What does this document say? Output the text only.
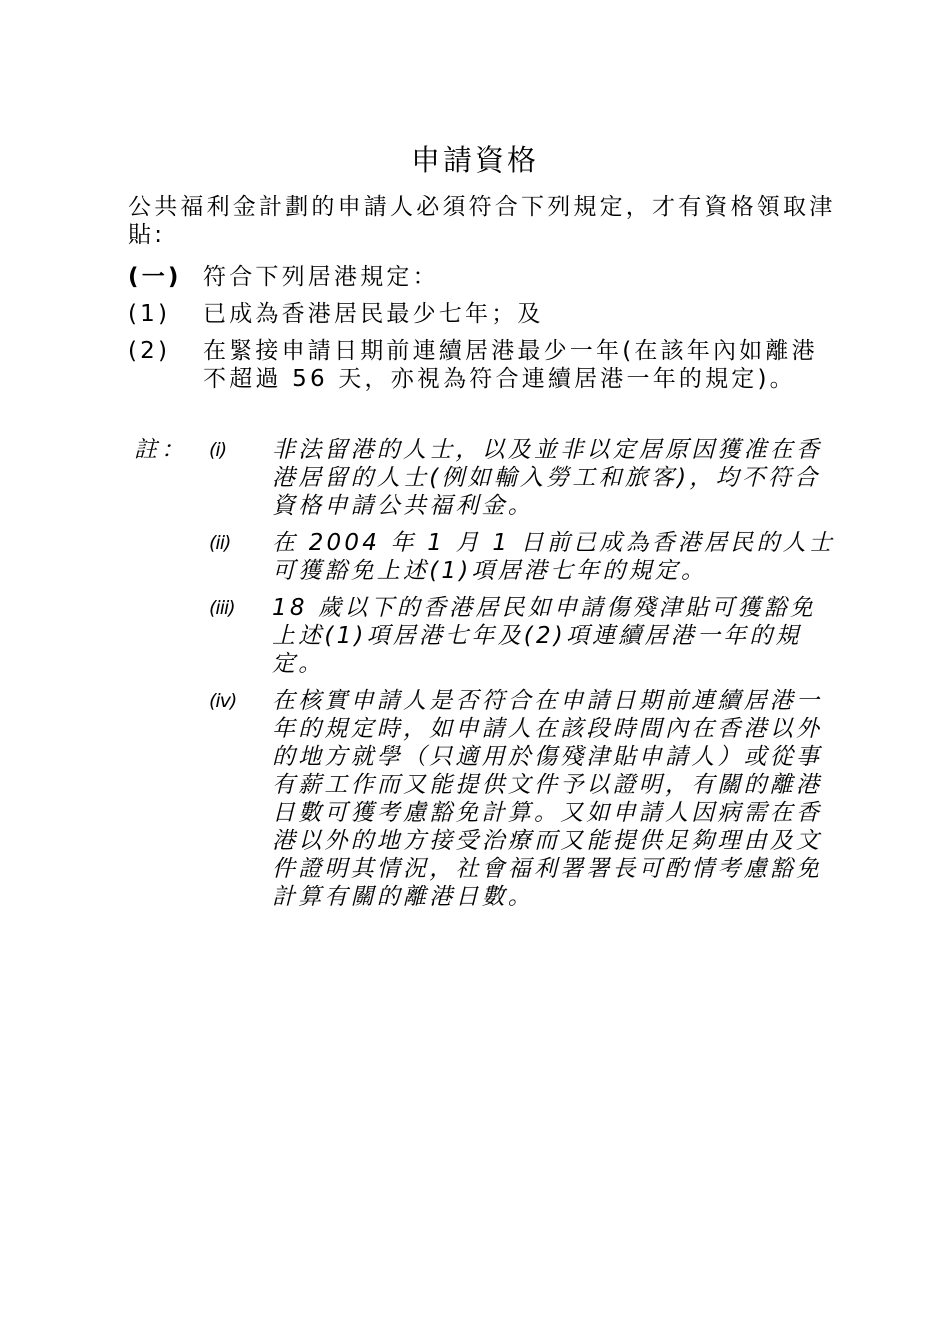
申請資格
公共福利金計劃的申請人必須符合下列規定，才有資格領取津貼:
(一) 符合下列居港規定：
(1) 已成為香港居民最少七年；及
(2) 在緊接申請日期前連續居港最少一年(在該年內如離港不超過 56 天，亦視為符合連續居港一年的規定)。
註： (i) 非法留港的人士，以及並非以定居原因獲准在香港居留的人士(例如輸入勞工和旅客)，均不符合資格申請公共福利金。
(ii) 在 2004 年 1 月 1 日前已成為香港居民的人士可獲豁免上述(1)項居港七年的規定。
(iii) 18 歲以下的香港居民如申請傷殘津貼可獲豁免上述(1)項居港七年及(2)項連續居港一年的規定。
(iv) 在核實申請人是否符合在申請日期前連續居港一年的規定時，如申請人在該段時間內在香港以外的地方就學（只適用於傷殘津貼申請人）或從事有薪工作而又能提供文件予以證明，有關的離港日數可獲考慮豁免計算。又如申請人因病需在香港以外的地方接受治療而又能提供足夠理由及文件證明其情況，社會福利署署長可酌情考慮豁免計算有關的離港日數。
